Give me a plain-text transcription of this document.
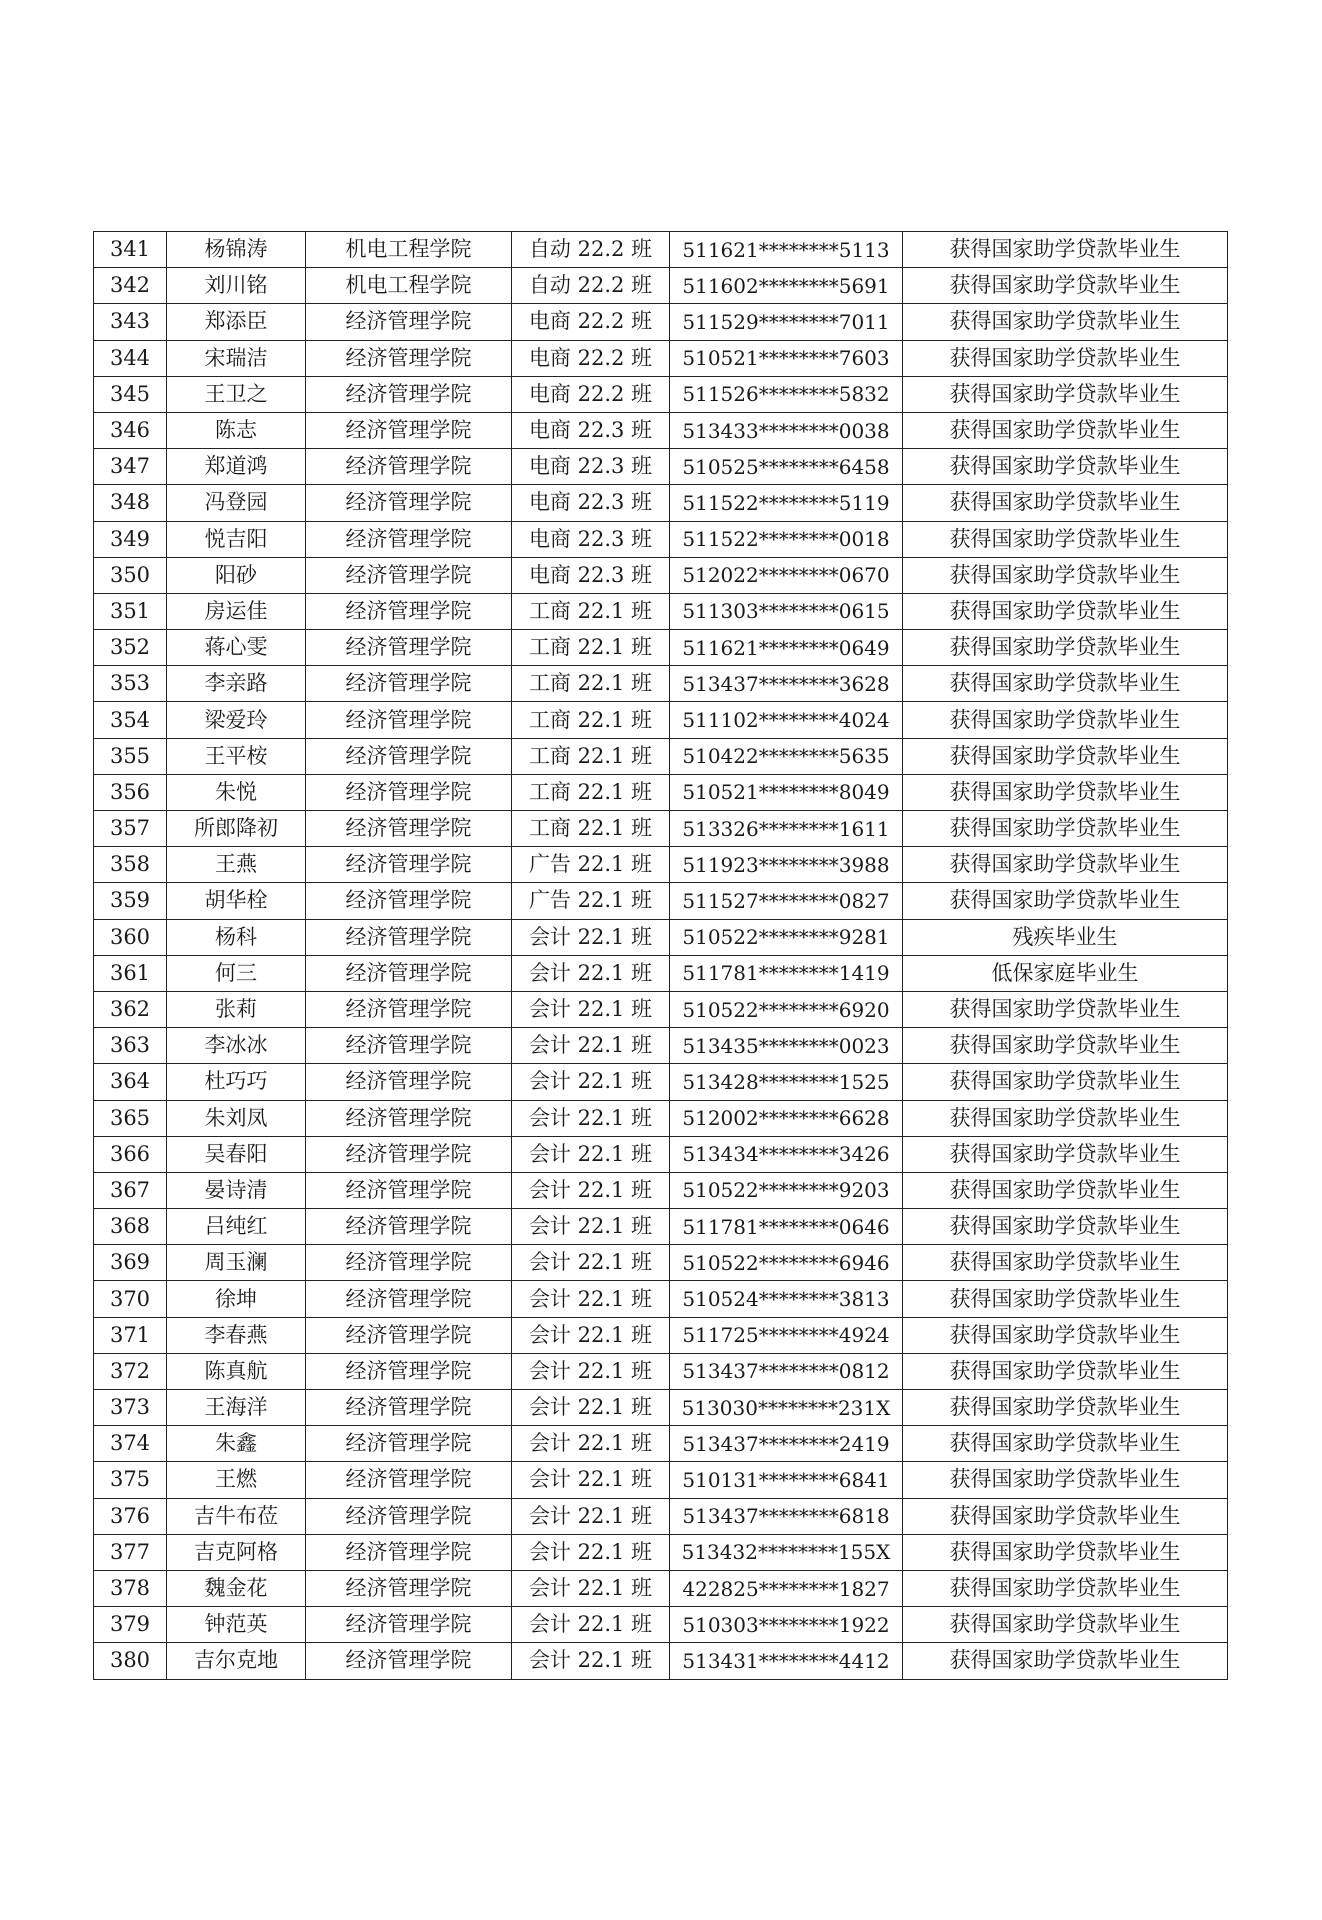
341	杨锦涛	机电工程学院	自动 22.2 班	511621********5113	获得国家助学贷款毕业生
342	刘川铭	机电工程学院	自动 22.2 班	511602********5691	获得国家助学贷款毕业生
343	郑添臣	经济管理学院	电商 22.2 班	511529********7011	获得国家助学贷款毕业生
344	宋瑞洁	经济管理学院	电商 22.2 班	510521********7603	获得国家助学贷款毕业生
345	王卫之	经济管理学院	电商 22.2 班	511526********5832	获得国家助学贷款毕业生
346	陈志	经济管理学院	电商 22.3 班	513433********0038	获得国家助学贷款毕业生
347	郑道鸿	经济管理学院	电商 22.3 班	510525********6458	获得国家助学贷款毕业生
348	冯登园	经济管理学院	电商 22.3 班	511522********5119	获得国家助学贷款毕业生
349	悦吉阳	经济管理学院	电商 22.3 班	511522********0018	获得国家助学贷款毕业生
350	阳砂	经济管理学院	电商 22.3 班	512022********0670	获得国家助学贷款毕业生
351	房运佳	经济管理学院	工商 22.1 班	511303********0615	获得国家助学贷款毕业生
352	蒋心雯	经济管理学院	工商 22.1 班	511621********0649	获得国家助学贷款毕业生
353	李亲路	经济管理学院	工商 22.1 班	513437********3628	获得国家助学贷款毕业生
354	梁爱玲	经济管理学院	工商 22.1 班	511102********4024	获得国家助学贷款毕业生
355	王平桉	经济管理学院	工商 22.1 班	510422********5635	获得国家助学贷款毕业生
356	朱悦	经济管理学院	工商 22.1 班	510521********8049	获得国家助学贷款毕业生
357	所郎降初	经济管理学院	工商 22.1 班	513326********1611	获得国家助学贷款毕业生
358	王燕	经济管理学院	广告 22.1 班	511923********3988	获得国家助学贷款毕业生
359	胡华栓	经济管理学院	广告 22.1 班	511527********0827	获得国家助学贷款毕业生
360	杨科	经济管理学院	会计 22.1 班	510522********9281	残疾毕业生
361	何三	经济管理学院	会计 22.1 班	511781********1419	低保家庭毕业生
362	张莉	经济管理学院	会计 22.1 班	510522********6920	获得国家助学贷款毕业生
363	李冰冰	经济管理学院	会计 22.1 班	513435********0023	获得国家助学贷款毕业生
364	杜巧巧	经济管理学院	会计 22.1 班	513428********1525	获得国家助学贷款毕业生
365	朱刘凤	经济管理学院	会计 22.1 班	512002********6628	获得国家助学贷款毕业生
366	吴春阳	经济管理学院	会计 22.1 班	513434********3426	获得国家助学贷款毕业生
367	晏诗清	经济管理学院	会计 22.1 班	510522********9203	获得国家助学贷款毕业生
368	吕纯红	经济管理学院	会计 22.1 班	511781********0646	获得国家助学贷款毕业生
369	周玉澜	经济管理学院	会计 22.1 班	510522********6946	获得国家助学贷款毕业生
370	徐坤	经济管理学院	会计 22.1 班	510524********3813	获得国家助学贷款毕业生
371	李春燕	经济管理学院	会计 22.1 班	511725********4924	获得国家助学贷款毕业生
372	陈真航	经济管理学院	会计 22.1 班	513437********0812	获得国家助学贷款毕业生
373	王海洋	经济管理学院	会计 22.1 班	513030********231X	获得国家助学贷款毕业生
374	朱鑫	经济管理学院	会计 22.1 班	513437********2419	获得国家助学贷款毕业生
375	王燃	经济管理学院	会计 22.1 班	510131********6841	获得国家助学贷款毕业生
376	吉牛布莅	经济管理学院	会计 22.1 班	513437********6818	获得国家助学贷款毕业生
377	吉克阿格	经济管理学院	会计 22.1 班	513432********155X	获得国家助学贷款毕业生
378	魏金花	经济管理学院	会计 22.1 班	422825********1827	获得国家助学贷款毕业生
379	钟范英	经济管理学院	会计 22.1 班	510303********1922	获得国家助学贷款毕业生
380	吉尔克地	经济管理学院	会计 22.1 班	513431********4412	获得国家助学贷款毕业生
